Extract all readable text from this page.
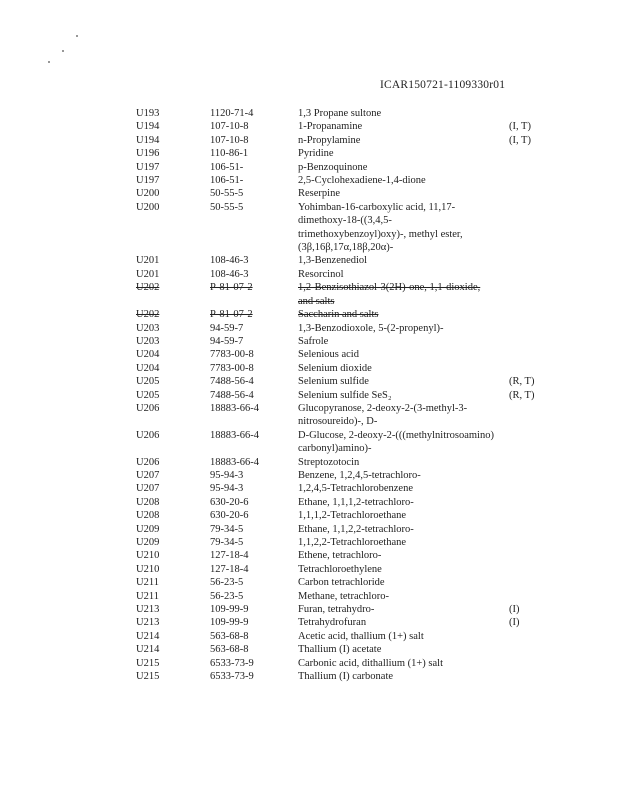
ICAR150721-1109330r01
U193	1120-71-4	1,3 Propane sultone
U194	107-10-8	1-Propanamine	(I, T)
U194	107-10-8	n-Propylamine	(I, T)
U196	110-86-1	Pyridine
U197	106-51-	p-Benzoquinone
U197	106-51-	2,5-Cyclohexadiene-1,4-dione
U200	50-55-5	Reserpine
U200	50-55-5	Yohimban-16-carboxylic acid, 11,17-dimethoxy-18-((3,4,5-trimethoxybenzoyl)oxy)-, methyl ester, (3β,16β,17α,18β,20α)-
U201	108-46-3	1,3-Benzenediol
U201	108-46-3	Resorcinol
U202	P-81-07-2	1,2-Benzisothiazol-3(2H)-one, 1,1-dioxide, and salts
U202	P-81-07-2	Saccharin and salts
U203	94-59-7	1,3-Benzodioxole, 5-(2-propenyl)-
U203	94-59-7	Safrole
U204	7783-00-8	Selenious acid
U204	7783-00-8	Selenium dioxide
U205	7488-56-4	Selenium sulfide	(R, T)
U205	7488-56-4	Selenium sulfide SeS₂	(R, T)
U206	18883-66-4	Glucopyranose, 2-deoxy-2-(3-methyl-3-nitrosoureido)-, D-
U206	18883-66-4	D-Glucose, 2-deoxy-2-(((methylnitrosoamino) carbonyl)amino)-
U206	18883-66-4	Streptozotocin
U207	95-94-3	Benzene, 1,2,4,5-tetrachloro-
U207	95-94-3	1,2,4,5-Tetrachlorobenzene
U208	630-20-6	Ethane, 1,1,1,2-tetrachloro-
U208	630-20-6	1,1,1,2-Tetrachloroethane
U209	79-34-5	Ethane, 1,1,2,2-tetrachloro-
U209	79-34-5	1,1,2,2-Tetrachloroethane
U210	127-18-4	Ethene, tetrachloro-
U210	127-18-4	Tetrachloroethylene
U211	56-23-5	Carbon tetrachloride
U211	56-23-5	Methane, tetrachloro-
U213	109-99-9	Furan, tetrahydro-	(I)
U213	109-99-9	Tetrahydrofuran	(I)
U214	563-68-8	Acetic acid, thallium (1+) salt
U214	563-68-8	Thallium (I) acetate
U215	6533-73-9	Carbonic acid, dithallium (1+) salt
U215	6533-73-9	Thallium (I) carbonate
